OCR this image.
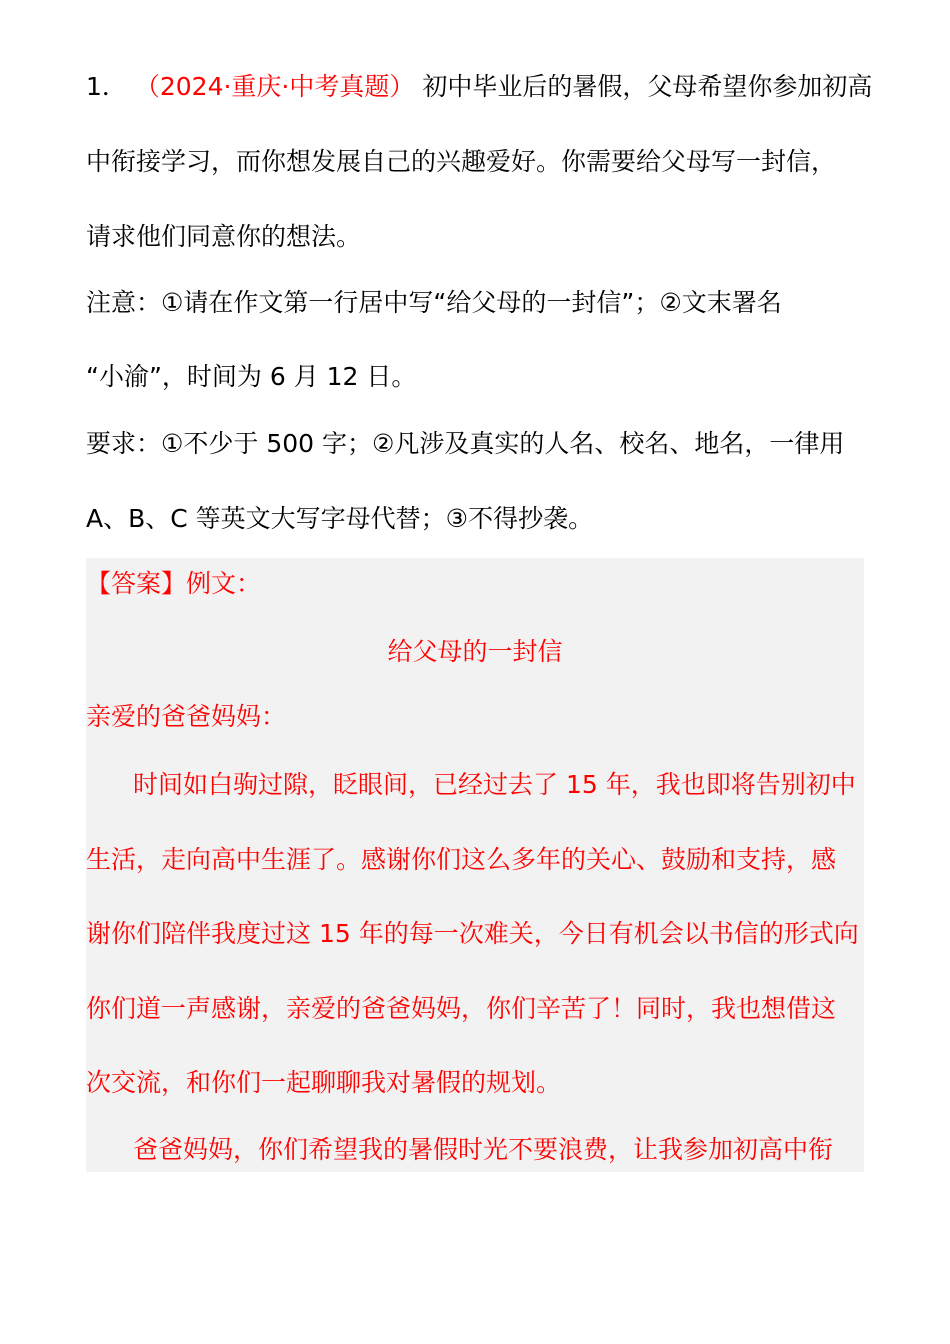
1． （2024·重庆·中考真题） 初中毕业后的暑假，父母希望你参加初高
中衔接学习，而你想发展自己的兴趣爱好。你需要给父母写一封信，
请求他们同意你的想法。
注意：①请在作文第一行居中写“给父母的一封信”；②文末署名
“小渝”，时间为 6 月 12 日。
要求：①不少于 500 字；②凡涉及真实的人名、校名、地名，一律用
A、B、C 等英文大写字母代替；③不得抄袭。
【答案】例文：
给父母的一封信
亲爱的爸爸妈妈：
时间如白驹过隙，眨眼间，已经过去了 15 年，我也即将告别初中
生活，走向高中生涯了。感谢你们这么多年的关心、鼓励和支持，感
谢你们陪伴我度过这 15 年的每一次难关，今日有机会以书信的形式向
你们道一声感谢，亲爱的爸爸妈妈，你们辛苦了！同时，我也想借这
次交流，和你们一起聊聊我对暑假的规划。
爸爸妈妈，你们希望我的暑假时光不要浪费，让我参加初高中衔
